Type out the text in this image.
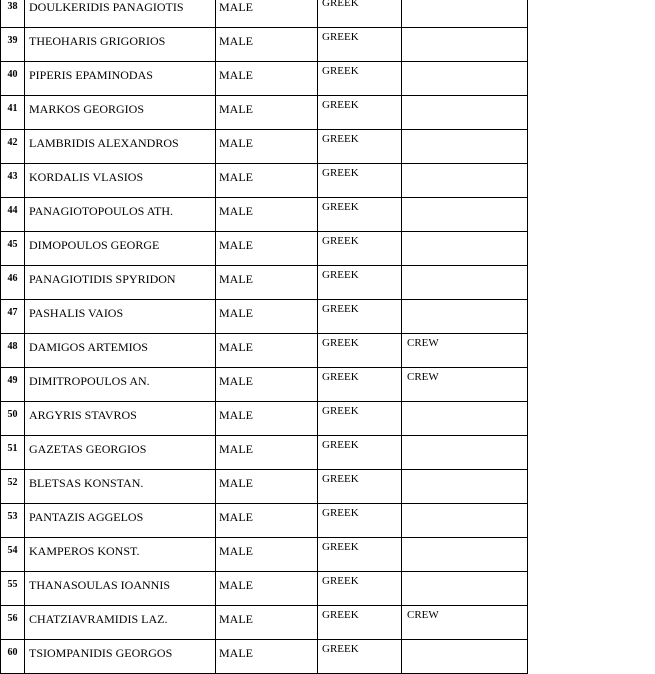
38	DOULKERIDIS PANAGIOTIS	MALE	GREEK	
39	THEOHARIS GRIGORIOS	MALE	GREEK	
40	PIPERIS EPAMINODAS	MALE	GREEK	
41	MARKOS GEORGIOS	MALE	GREEK	
42	LAMBRIDIS ALEXANDROS	MALE	GREEK	
43	KORDALIS VLASIOS	MALE	GREEK	
44	PANAGIOTOPOULOS ATH.	MALE	GREEK	
45	DIMOPOULOS GEORGE	MALE	GREEK	
46	PANAGIOTIDIS SPYRIDON	MALE	GREEK	
47	PASHALIS VAIOS	MALE	GREEK	
48	DAMIGOS ARTEMIOS	MALE	GREEK	CREW
49	DIMITROPOULOS AN.	MALE	GREEK	CREW
50	ARGYRIS STAVROS	MALE	GREEK	
51	GAZETAS GEORGIOS	MALE	GREEK	
52	BLETSAS KONSTAN.	MALE	GREEK	
53	PANTAZIS AGGELOS	MALE	GREEK	
54	KAMPEROS KONST.	MALE	GREEK	
55	THANASOULAS IOANNIS	MALE	GREEK	
56	CHATZIAVRAMIDIS LAZ.	MALE	GREEK	CREW
60	TSIOMPANIDIS GEORGOS	MALE	GREEK	
